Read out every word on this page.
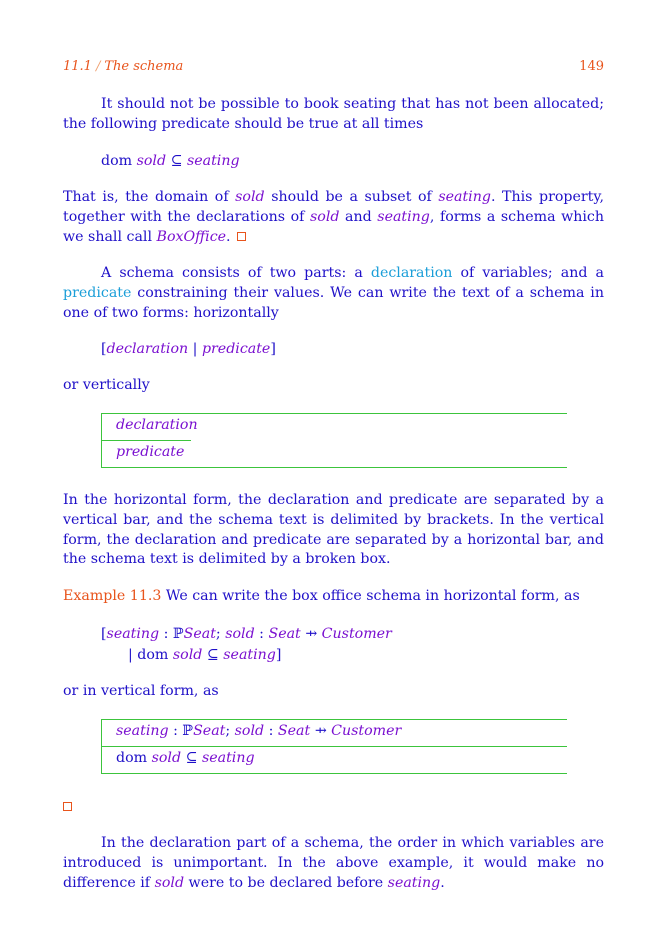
11.1 / The schema	149
It should not be possible to book seating that has not been allocated; the following predicate should be true at all times
dom sold ⊆ seating
That is, the domain of sold should be a subset of seating. This property, together with the declarations of sold and seating, forms a schema which we shall call BoxOffice.
A schema consists of two parts: a declaration of variables; and a predicate constraining their values. We can write the text of a schema in one of two forms: horizontally
[declaration | predicate]
or vertically
declaration
predicate
In the horizontal form, the declaration and predicate are separated by a vertical bar, and the schema text is delimited by brackets. In the vertical form, the declaration and predicate are separated by a horizontal bar, and the schema text is delimited by a broken box.
Example 11.3 We can write the box office schema in horizontal form, as
[seating : ℙSeat; sold : Seat ⇸ Customer
| dom sold ⊆ seating]
or in vertical form, as
seating : ℙSeat; sold : Seat ⇸ Customer
dom sold ⊆ seating
In the declaration part of a schema, the order in which variables are introduced is unimportant. In the above example, it would make no difference if sold were to be declared before seating.
